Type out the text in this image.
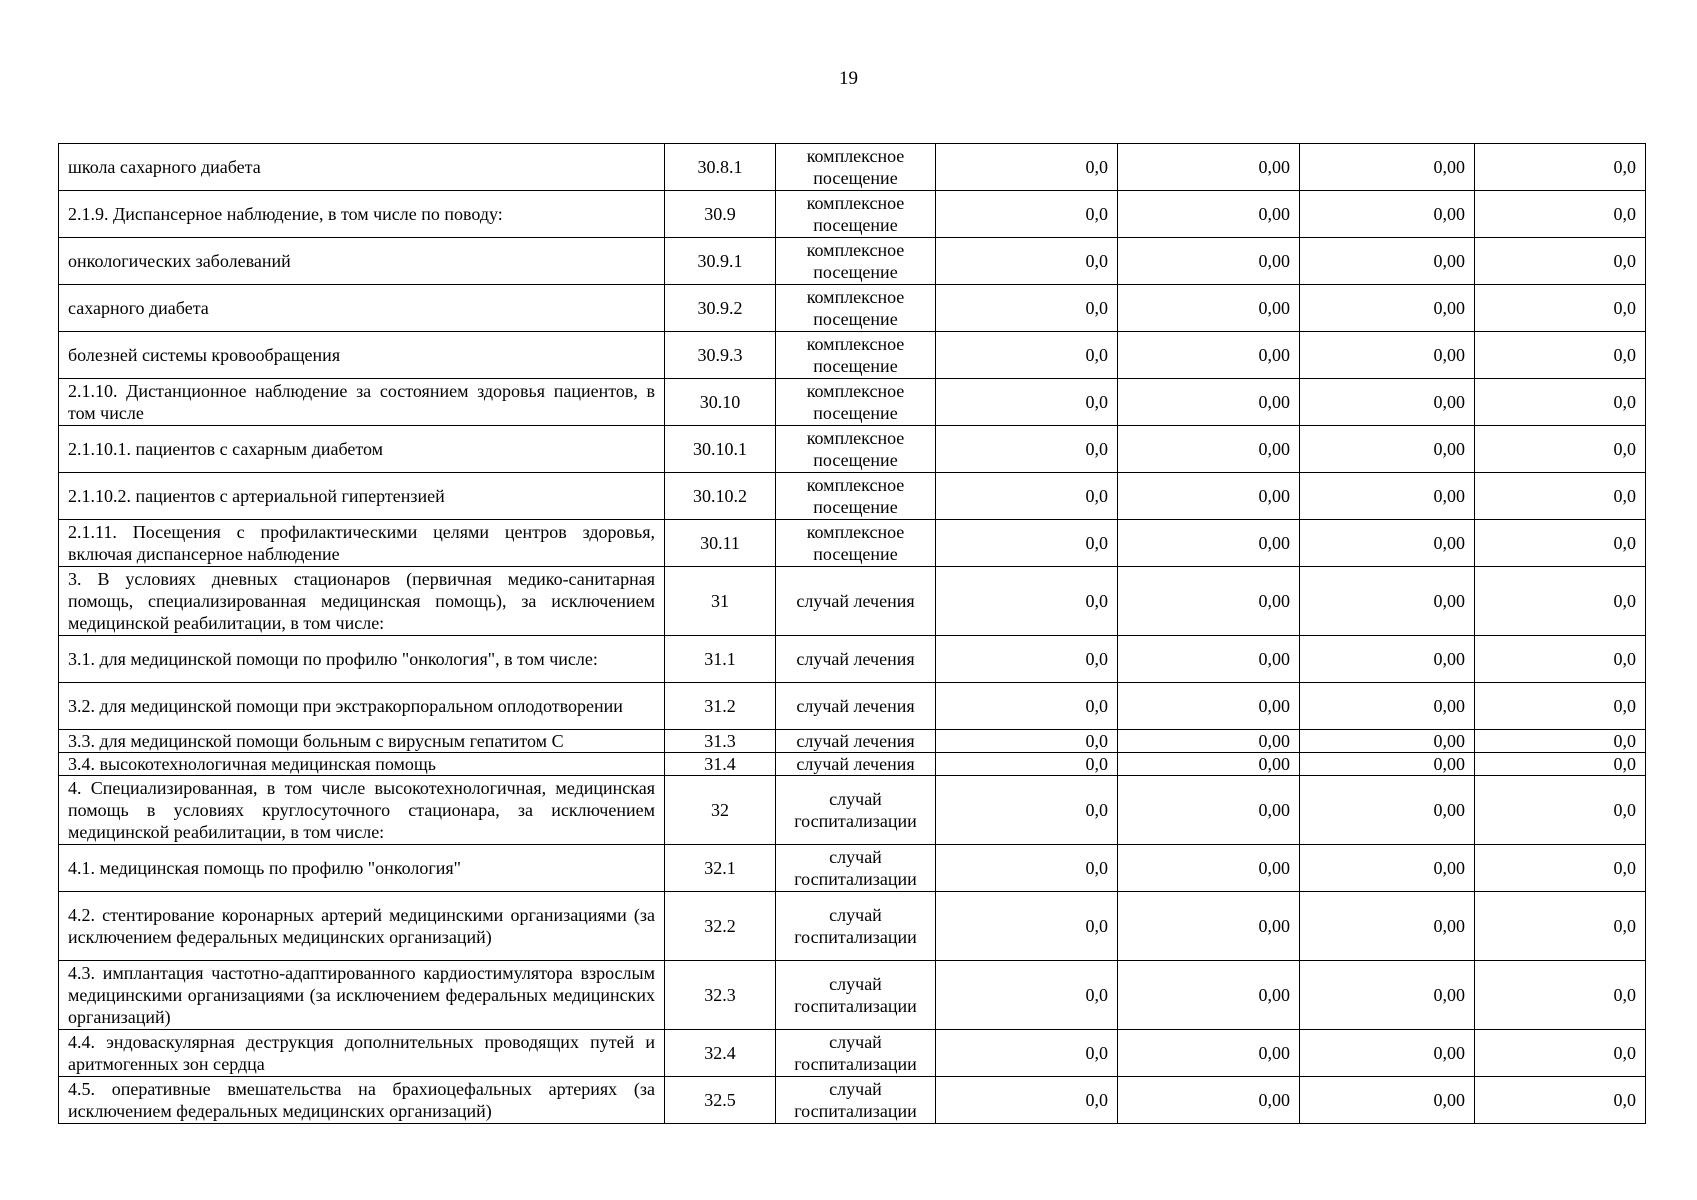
19
школа сахарного диабета	30.8.1	комплексное посещение	0,0	0,00	0,00	0,0
2.1.9. Диспансерное наблюдение, в том числе по поводу:	30.9	комплексное посещение	0,0	0,00	0,00	0,0
онкологических заболеваний	30.9.1	комплексное посещение	0,0	0,00	0,00	0,0
сахарного диабета	30.9.2	комплексное посещение	0,0	0,00	0,00	0,0
болезней системы кровообращения	30.9.3	комплексное посещение	0,0	0,00	0,00	0,0
2.1.10. Дистанционное наблюдение за состоянием здоровья пациентов, в том числе	30.10	комплексное посещение	0,0	0,00	0,00	0,0
2.1.10.1. пациентов с сахарным диабетом	30.10.1	комплексное посещение	0,0	0,00	0,00	0,0
2.1.10.2. пациентов с артериальной гипертензией	30.10.2	комплексное посещение	0,0	0,00	0,00	0,0
2.1.11. Посещения с профилактическими целями центров здоровья, включая диспансерное наблюдение	30.11	комплексное посещение	0,0	0,00	0,00	0,0
3. В условиях дневных стационаров (первичная медико-санитарная помощь, специализированная медицинская помощь), за исключением медицинской реабилитации, в том числе:	31	случай лечения	0,0	0,00	0,00	0,0
3.1. для медицинской помощи по профилю "онкология", в том числе:	31.1	случай лечения	0,0	0,00	0,00	0,0
3.2. для медицинской помощи при экстракорпоральном оплодотворении	31.2	случай лечения	0,0	0,00	0,00	0,0
3.3. для медицинской помощи больным с вирусным гепатитом С	31.3	случай лечения	0,0	0,00	0,00	0,0
3.4. высокотехнологичная медицинская помощь	31.4	случай лечения	0,0	0,00	0,00	0,0
4. Специализированная, в том числе высокотехнологичная, медицинская помощь в условиях круглосуточного стационара, за исключением медицинской реабилитации, в том числе:	32	случай госпитализации	0,0	0,00	0,00	0,0
4.1. медицинская помощь по профилю "онкология"	32.1	случай госпитализации	0,0	0,00	0,00	0,0
4.2. стентирование коронарных артерий медицинскими организациями (за исключением федеральных медицинских организаций)	32.2	случай госпитализации	0,0	0,00	0,00	0,0
4.3. имплантация частотно-адаптированного кардиостимулятора взрослым медицинскими организациями (за исключением федеральных медицинских организаций)	32.3	случай госпитализации	0,0	0,00	0,00	0,0
4.4. эндоваскулярная деструкция дополнительных проводящих путей и аритмогенных зон сердца	32.4	случай госпитализации	0,0	0,00	0,00	0,0
4.5. оперативные вмешательства на брахиоцефальных артериях (за исключением федеральных медицинских организаций)	32.5	случай госпитализации	0,0	0,00	0,00	0,0
